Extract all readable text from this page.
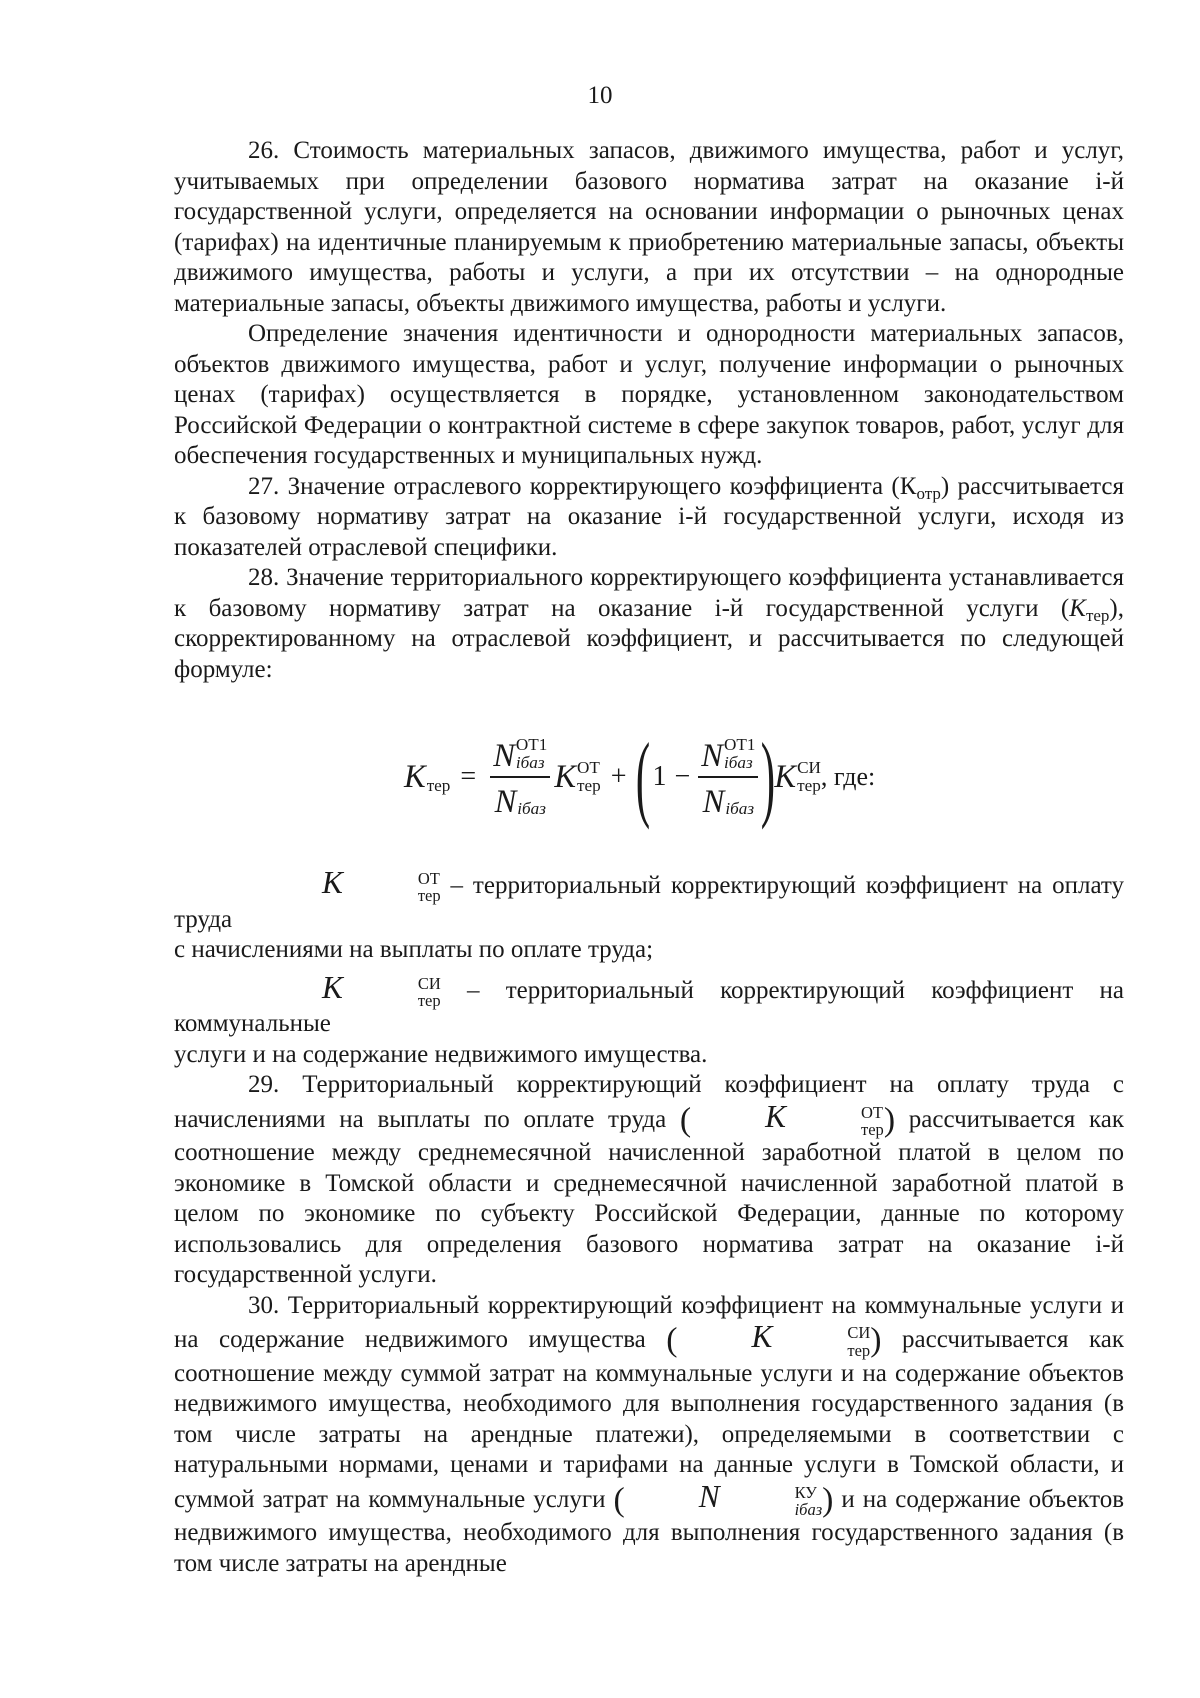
10

26. Стоимость материальных запасов, движимого имущества, работ и услуг, учитываемых при определении базового норматива затрат на оказание i-й государственной услуги, определяется на основании информации о рыночных ценах (тарифах) на идентичные планируемым к приобретению материальные запасы, объекты движимого имущества, работы и услуги, а при их отсутствии – на однородные материальные запасы, объекты движимого имущества, работы и услуги.

Определение значения идентичности и однородности материальных запасов, объектов движимого имущества, работ и услуг, получение информации о рыночных ценах (тарифах) осуществляется в порядке, установленном законодательством Российской Федерации о контрактной системе в сфере закупок товаров, работ, услуг для обеспечения государственных и муниципальных нужд.

27. Значение отраслевого корректирующего коэффициента $(К_{отр})$ рассчитывается к базовому нормативу затрат на оказание i-й государственной услуги, исходя из показателей отраслевой специфики.

28. Значение территориального корректирующего коэффициента устанавливается к базовому нормативу затрат на оказание i-й государственной услуги $(K_{тер})$, скорректированному на отраслевой коэффициент, и рассчитывается по следующей формуле:

K
тер = N ОТ1
iбаз
N
iбаз K ОТ
тер + ( 1 − N ОТ1
iбаз
N
iбаз )
K СИ
тер , где:

K	ОТ
тер – территориальный корректирующий коэффициент на оплату труда

с начислениями на выплаты по оплате труда;

K	СИ
тер – территориальный корректирующий коэффициент на коммунальные

услуги и на содержание недвижимого имущества.

29. Территориальный корректирующий коэффициент на оплату труда с начислениями на выплаты по оплате труда ( K	ОТ
тер ) рассчитывается как соотношение между среднемесячной начисленной заработной платой в целом по экономике в Томской области и среднемесячной начисленной заработной платой в целом по экономике по субъекту Российской Федерации, данные по которому использовались для определения базового норматива затрат на оказание i-й государственной услуги.

30. Территориальный корректирующий коэффициент на коммунальные услуги и на содержание недвижимого имущества ( K	СИ
тер ) рассчитывается как соотношение между суммой затрат на коммунальные услуги и на содержание объектов недвижимого имущества, необходимого для выполнения государственного задания (в том числе затраты на арендные платежи), определяемыми в соответствии с натуральными нормами, ценами и тарифами на данные услуги в Томской области, и суммой затрат на коммунальные услуги ( N	КУ
iбаз ) и на содержание объектов недвижимого имущества, необходимого для выполнения государственного задания (в том числе затраты на арендные
